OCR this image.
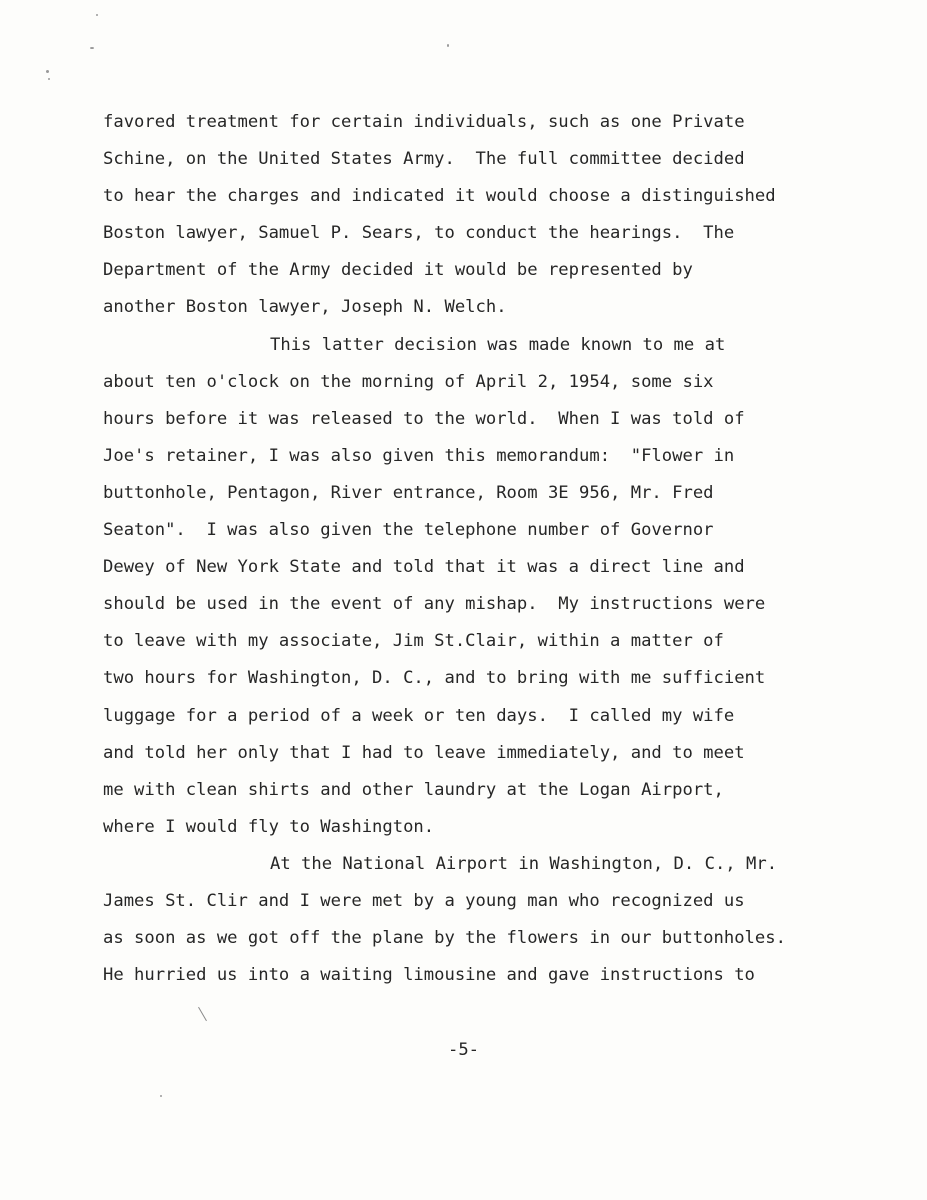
favored treatment for certain individuals, such as one Private
Schine, on the United States Army.  The full committee decided
to hear the charges and indicated it would choose a distinguished
Boston lawyer, Samuel P. Sears, to conduct the hearings.  The
Department of the Army decided it would be represented by
another Boston lawyer, Joseph N. Welch.
This latter decision was made known to me at
about ten o'clock on the morning of April 2, 1954, some six
hours before it was released to the world.  When I was told of
Joe's retainer, I was also given this memorandum:  "Flower in
buttonhole, Pentagon, River entrance, Room 3E 956, Mr. Fred
Seaton".  I was also given the telephone number of Governor
Dewey of New York State and told that it was a direct line and
should be used in the event of any mishap.  My instructions were
to leave with my associate, Jim St.Clair, within a matter of
two hours for Washington, D. C., and to bring with me sufficient
luggage for a period of a week or ten days.  I called my wife
and told her only that I had to leave immediately, and to meet
me with clean shirts and other laundry at the Logan Airport,
where I would fly to Washington.
At the National Airport in Washington, D. C., Mr.
James St. Clir and I were met by a young man who recognized us
as soon as we got off the plane by the flowers in our buttonholes.
He hurried us into a waiting limousine and gave instructions to
-5-
